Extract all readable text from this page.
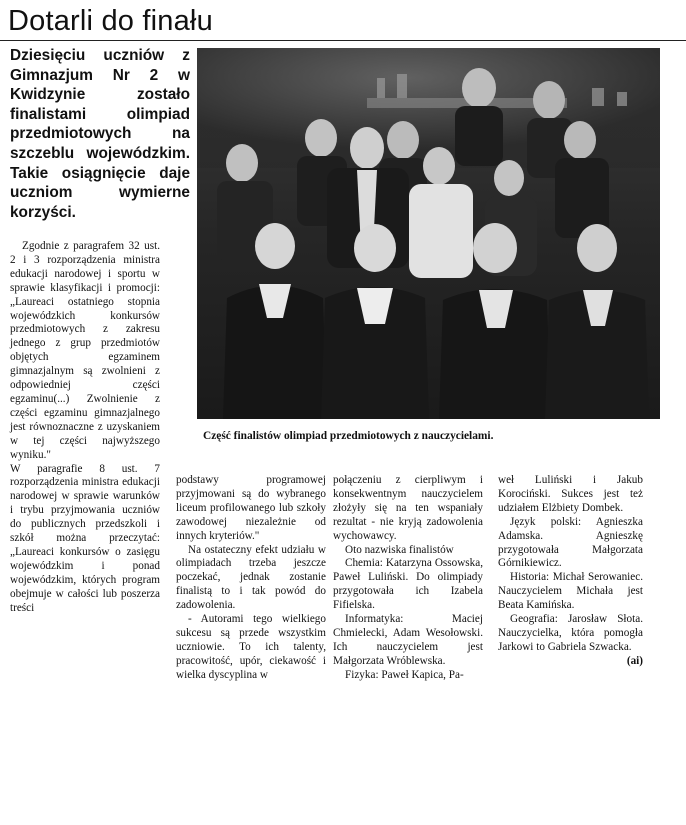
Dotarli do finału
Dziesięciu uczniów z Gimnazjum Nr 2 w Kwidzynie zostało finalistami olimpiad przedmiotowych na szczeblu wojewódzkim. Takie osiągnięcie daje uczniom wymierne korzyści.
Część finalistów olimpiad przedmiotowych z nauczycielami.

Zgodnie z paragrafem 32 ust. 2 i 3 rozporządzenia ministra edukacji narodowej i sportu w sprawie klasyfikacji i promocji: „Laureaci ostatniego stopnia wojewódzkich konkursów przedmiotowych z zakresu jednego z grup przedmiotów objętych egzaminem gimnazjalnym są zwolnieni z odpowiedniej części egzaminu(...) Zwolnienie z części egzaminu gimnazjalnego jest równoznaczne z uzyskaniem w tej części najwyższego wyniku."

W paragrafie 8 ust. 7 rozporządzenia ministra edukacji narodowej w sprawie warunków i trybu przyjmowania uczniów do publicznych przedszkoli i szkół można przeczytać: „Laureaci konkursów o zasięgu wojewódzkim i ponad wojewódzkim, których program obejmuje w całości lub poszerza treści

podstawy programowej przyjmowani są do wybranego liceum profilowanego lub szkoły zawodowej niezależnie od innych kryteriów."

Na ostateczny efekt udziału w olimpiadach trzeba jeszcze poczekać, jednak zostanie finalistą to i tak powód do zadowolenia.

- Autorami tego wielkiego sukcesu są przede wszystkim uczniowie. To ich talenty, pracowitość, upór, ciekawość i wielka dyscyplina w

połączeniu z cierpliwym i konsekwentnym nauczycielem złożyły się na ten wspaniały rezultat - nie kryją zadowolenia wychowawcy.

Oto nazwiska finalistów

Chemia: Katarzyna Ossowska, Paweł Luliński. Do olimpiady przygotowała ich Izabela Fifielska.

Informatyka: Maciej Chmielecki, Adam Wesołowski. Ich nauczycielem jest Małgorzata Wróblewska.

Fizyka: Paweł Kapica, Pa-

weł Luliński i Jakub Korociński. Sukces jest też udziałem Elżbiety Dombek.

Język polski: Agnieszka Adamska. Agnieszkę przygotowała Małgorzata Górnikiewicz.

Historia: Michał Serowaniec. Nauczycielem Michała jest Beata Kamińska.

Geografia: Jarosław Słota. Nauczycielka, która pomogła Jarkowi to Gabriela Szwacka.

(ai)
